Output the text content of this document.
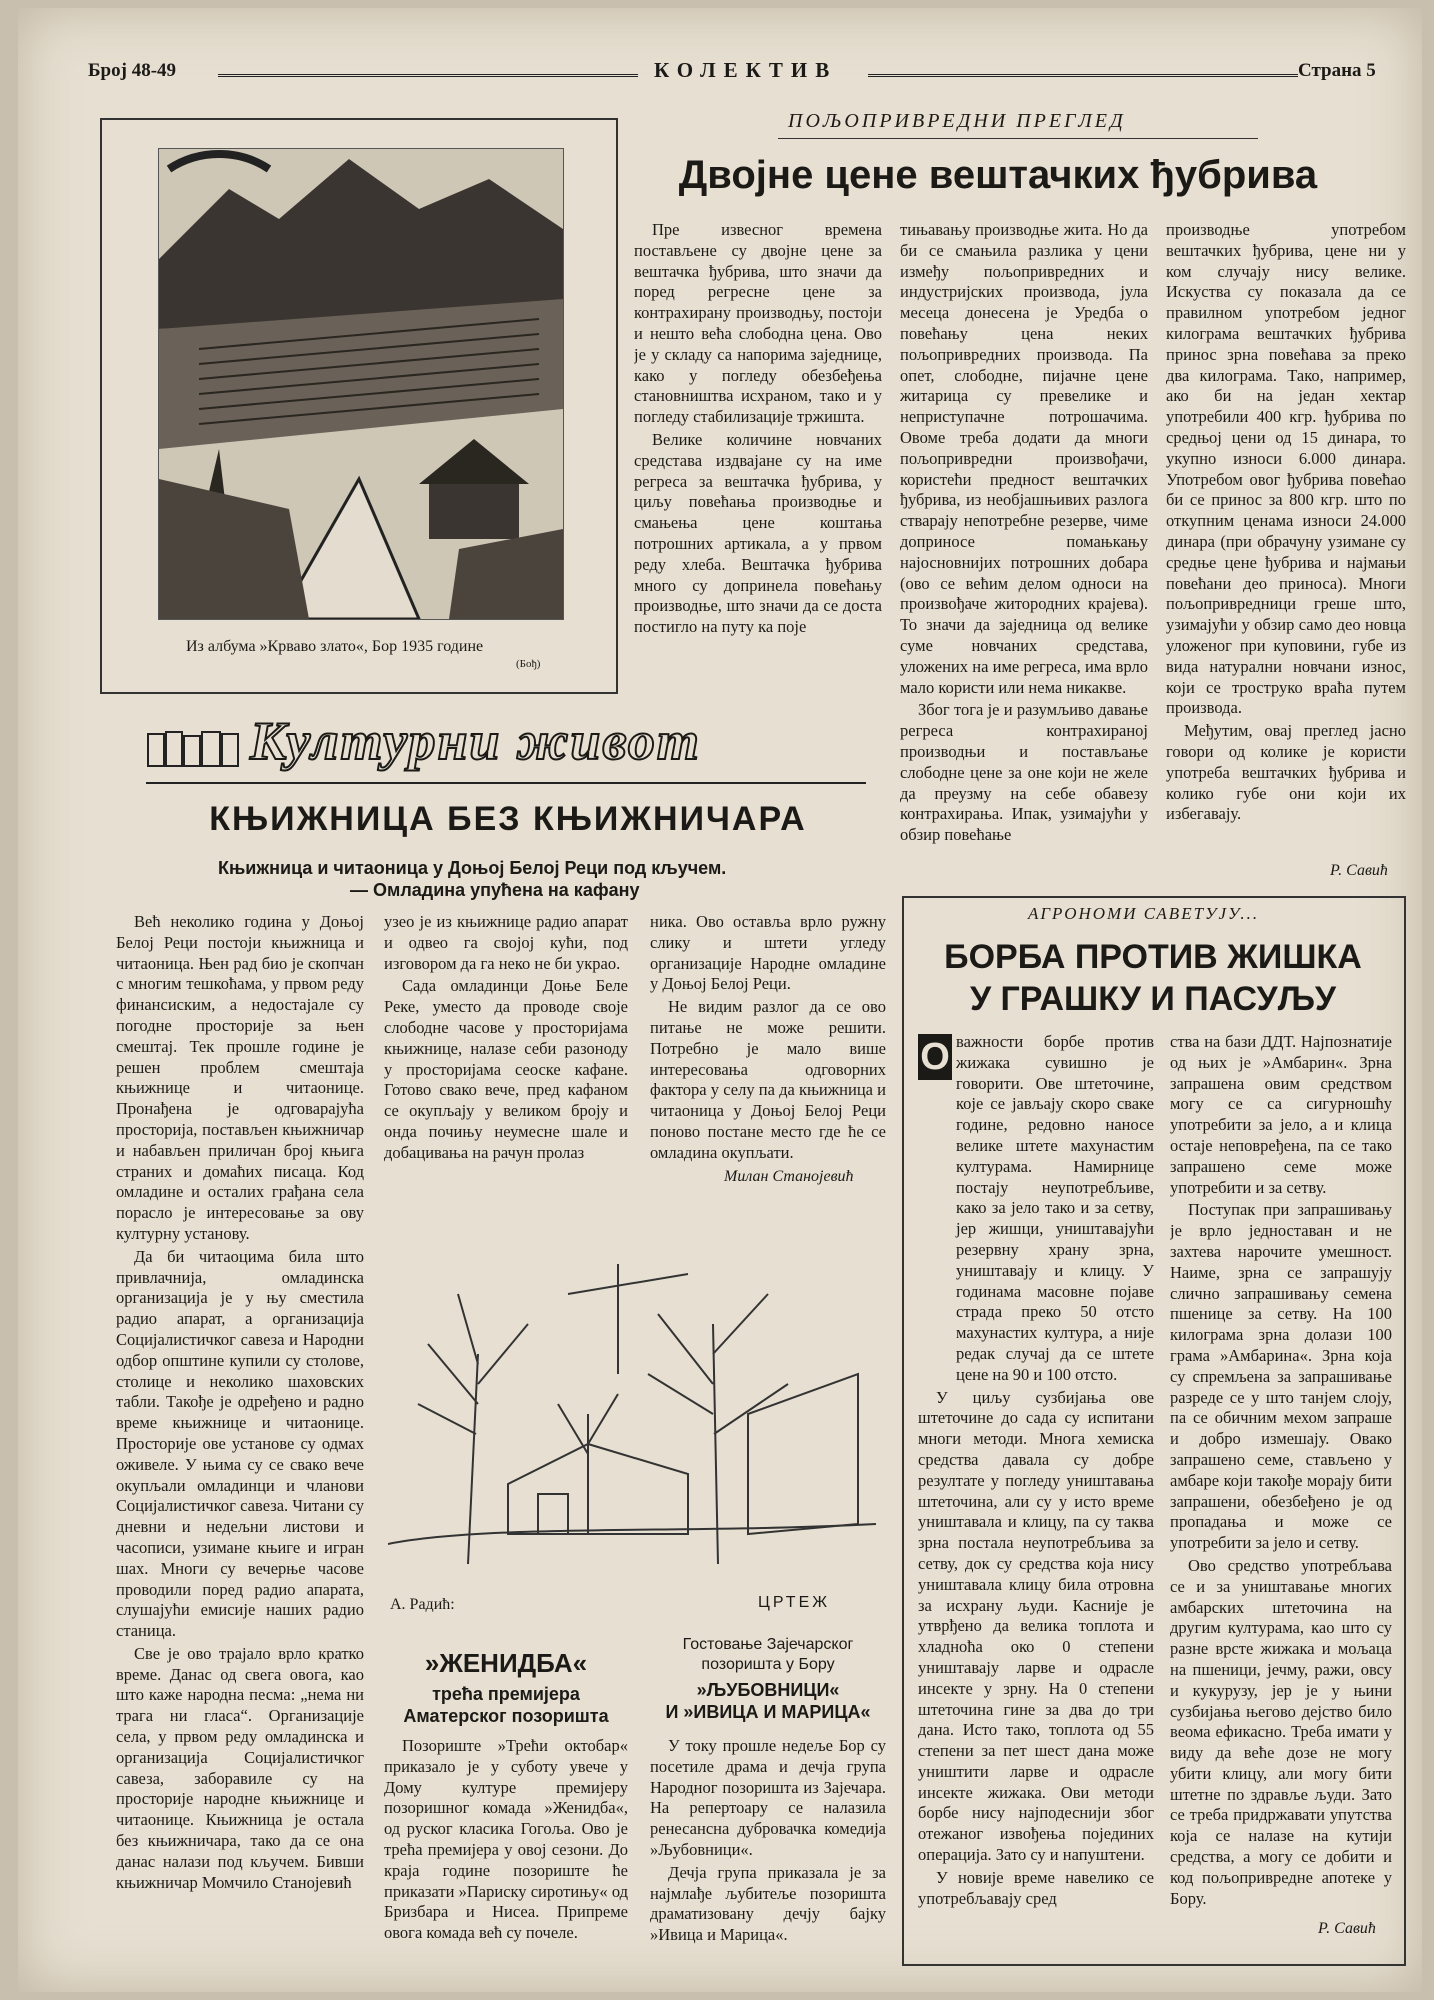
Број 48-49	КОЛЕКТИВ	Страна 5
Из албума »Крваво злато«, Бор 1935 године
(Бођ)
ПОЉОПРИВРЕДНИ ПРЕГЛЕД
Двојне цене вештачких ђубрива

Пре извесног времена постављене су двојне цене за вештачка ђубрива, што значи да поред регресне цене за контрахирану производњу, постоји и нешто већа слободна цена. Ово је у складу са напорима заједнице, како у погледу обезбеђења становништва исхраном, тако и у погледу стабилизације тржишта.

Велике количине новчаних средстава издвајане су на име регреса за вештачка ђубрива, у циљу повећања производње и смањења цене коштања потрошних артикала, а у првом реду хлеба. Вештачка ђубрива много су допринела повећању производње, што значи да се доста постигло на путу ка поје

тињавању производње жита. Но да би се смањила разлика у цени између пољопривредних и индустријских производа, јула месеца донесена је Уредба о повећању цена неких пољопривредних производа. Па опет, слободне, пијачне цене житарица су превелике и неприступачне потрошачима. Овоме треба додати да многи пољопривредни произвођачи, користећи предност вештачких ђубрива, из необјашњивих разлога стварају непотребне резерве, чиме доприносе помањкању најосновнијих потрошних добара (ово се већим делом односи на произвођаче житородних крајева). То значи да заједница од велике суме новчаних средстава, уложених на име регреса, има врло мало користи или нема никакве.

Због тога је и разумљиво давање регреса контрахираној производњи и постављање слободне цене за оне који не желе да преузму на себе обавезу контрахирања. Ипак, узимајући у обзир повећање

производње употребом вештачких ђубрива, цене ни у ком случају нису велике. Искуства су показала да се правилном употребом једног килограма вештачких ђубрива принос зрна повећава за преко два килограма. Тако, например, ако би на један хектар употребили 400 кгр. ђубрива по средњој цени од 15 динара, то укупно износи 6.000 динара. Употребом овог ђубрива повећао би се принос за 800 кгр. што по откупним ценама износи 24.000 динара (при обрачуну узимане су средње цене ђубрива и најмањи повећани део приноса). Многи пољопривредници греше што, узимајући у обзир само део новца уложеног при куповини, губе из вида натурални новчани износ, који се троструко враћа путем производа.

Међутим, овај преглед јасно говори од колике је користи употреба вештачких ђубрива и колико губе они који их избегавају.

Р. Савић
Културни живот
КЊИЖНИЦА БЕЗ КЊИЖНИЧАРА
Књижница и читаоница у Доњој Белој Реци под кључем.
— Омладина упућена на кафану

Већ неколико година у Доњој Белој Реци постоји књижница и читаоница. Њен рад био је скопчан с многим тешкоћама, у првом реду финансиским, а недостајале су погодне просторије за њен смештај. Тек прошле године је решен проблем смештаја књижнице и читаонице. Пронађена је одговарајућа просторија, постављен књижничар и набављен приличан број књига страних и домаћих писаца. Код омладине и осталих грађана села порасло је интересовање за ову културну установу.

Да би читаоцима била што привлачнија, омладинска организација је у њу сместила радио апарат, а организација Социјалистичког савеза и Народни одбор општине купили су столове, столице и неколико шаховских табли. Такође је одређено и радно време књижнице и читаонице. Просторије ове установе су одмах оживеле. У њима су се свако вече окупљали омладинци и чланови Социјалистичког савеза. Читани су дневни и недељни листови и часописи, узимане књиге и игран шах. Многи су вечерње часове проводили поред радио апарата, слушајући емисије наших радио станица.

Све је ово трајало врло кратко време. Данас од свега овога, као што каже народна песма: „нема ни трага ни гласа“. Организације села, у првом реду омладинска и организација Социјалистичког савеза, заборавиле су на просторије народне књижнице и читаонице. Књижница је остала без књижничара, тако да се она данас налази под кључем. Бивши књижничар Момчило Станојевић

узео је из књижнице радио апарат и одвео га својој кући, под изговором да га неко не би украо.

Сада омладинци Доње Беле Реке, уместо да проводе своје слободне часове у просторијама књижнице, налазе себи разоноду у просторијама сеоске кафане. Готово свако вече, пред кафаном се окупљају у великом броју и онда почињу неумесне шале и добацивања на рачун пролаз

ника. Ово оставља врло ружну слику и штети угледу организације Народне омладине у Доњој Белој Реци.

Не видим разлог да се ово питање не може решити. Потребно је мало више интересовања одговорних фактора у селу па да књижница и читаоница у Доњој Белој Реци поново постане место где ће се омладина окупљати.

Милан Станојевић
А. Радић:	ЦРТЕЖ
»ЖЕНИДБА«
трећа премијера
Аматерског позоришта

Позориште »Трећи октобар« приказало је у суботу увече у Дому културе премијеру позоришног комада »Женидба«, од руског класика Гогоља. Ово је трећа премијера у овој сезони. До краја године позориште ће приказати »Париску сиротињу« од Бризбара и Нисеа. Припреме овога комада већ су почеле.

Гостовање Зајечарског
позоришта у Бору
»ЉУБОВНИЦИ«
И »ИВИЦА И МАРИЦА«

У току прошле недеље Бор су посетиле драма и дечја група Народног позоришта из Зајечара. На репертоару се налазила ренесансна дубровачка комедија »Љубовници«.

Дечја група приказала је за најмлађе љубитеље позоришта драматизовану дечју бајку »Ивица и Марица«.

АГРОНОМИ САВЕТУЈУ...
БОРБА ПРОТИВ ЖИШКА
У ГРАШКУ И ПАСУЉУ
О важности борбе против жижака сувишно је говорити. Ове штеточине, које се јављају скоро сваке године, редовно наносе велике штете махунастим културама. Намирнице постају неупотребљиве, како за јело тако и за сетву, јер жишци, уништавајући резервну храну зрна, уништавају и клицу. У годинама масовне појаве страда преко 50 отсто махунастих култура, а није редак случај да се штете цене на 90 и 100 отсто.

У циљу сузбијања ове штеточине до сада су испитани многи методи. Многа хемиска средства давала су добре резултате у погледу уништавања штеточина, али су у исто време уништавала и клицу, па су таква зрна постала неупотребљива за сетву, док су средства која нису уништавала клицу била отровна за исхрану људи. Касније је утврђено да велика топлота и хладноћа око 0 степени уништавају ларве и одрасле инсекте у зрну. На 0 степени штеточина гине за два до три дана. Исто тако, топлота од 55 степени за пет шест дана може уништити ларве и одрасле инсекте жижака. Ови методи борбе нису најподеснији због отежаног извођења појединих операција. Зато су и напуштени.

У новије време навелико се употребљавају сред

ства на бази ДДТ. Најпознатије од њих је »Амбарин«. Зрна запрашена овим средством могу се са сигурношћу употребити за јело, а и клица остаје неповређена, па се тако запрашено семе може употребити и за сетву.

Поступак при запрашивању је врло једноставан и не захтева нарочите умешност. Наиме, зрна се запрашују слично запрашивању семена пшенице за сетву. На 100 килограма зрна долази 100 грама »Амбарина«. Зрна која су спремљена за запрашивање разреде се у што танјем слоју, па се обичним мехом запраше и добро измешају. Овако запрашено семе, стављено у амбаре који такође морају бити запрашени, обезбеђено је од пропадања и може се употребити за јело и сетву.

Ово средство употребљава се и за уништавање многих амбарских штеточина на другим културама, као што су разне врсте жижака и мољаца на пшеници, јечму, ражи, овсу и кукурузу, јер је у њини сузбијања његово дејство било веома ефикасно. Треба имати у виду да веће дозе не могу убити клицу, али могу бити штетне по здравље људи. Зато се треба придржавати упутства која се налазе на кутији средства, а могу се добити и код пољопривредне апотеке у Бору.

Р. Савић
